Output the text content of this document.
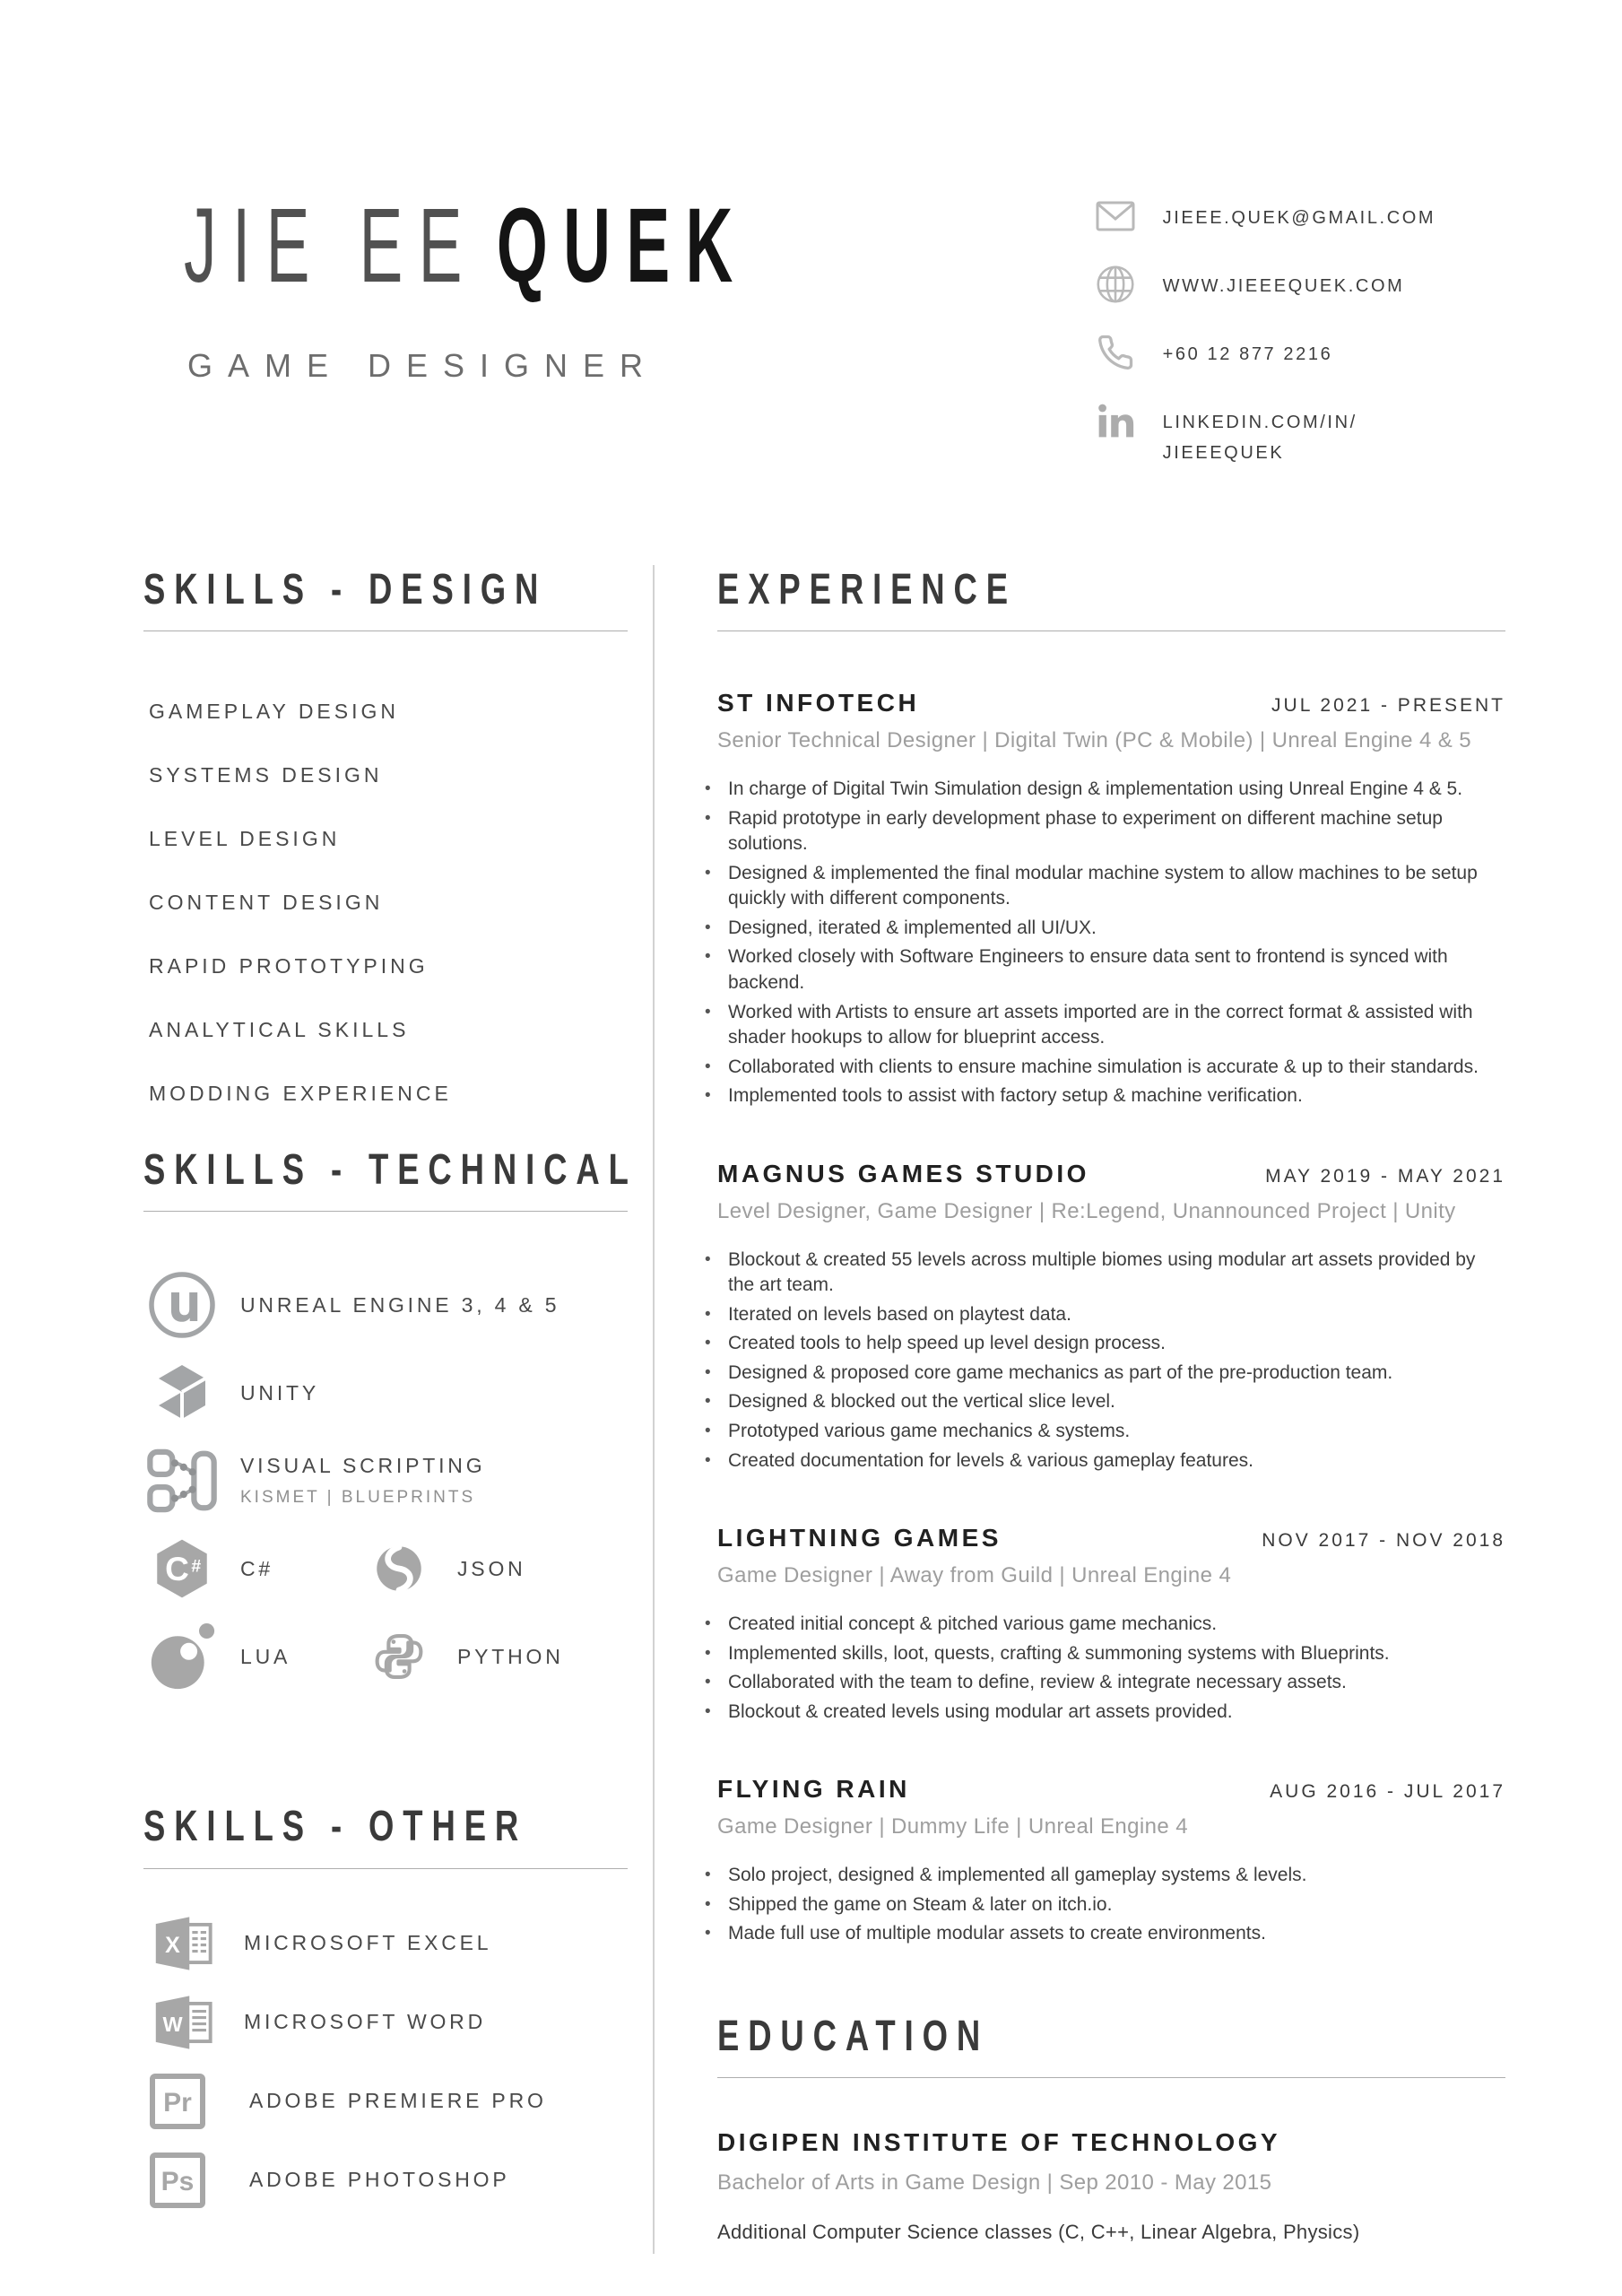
JIE EE QUEK
GAME DESIGNER
JIEEE.QUEK@GMAIL.COM
WWW.JIEEEQUEK.COM
+60 12 877 2216
LINKEDIN.COM/IN/
JIEEEQUEK
SKILLS - DESIGN
GAMEPLAY DESIGN
SYSTEMS DESIGN
LEVEL DESIGN
CONTENT DESIGN
RAPID PROTOTYPING
ANALYTICAL SKILLS
MODDING EXPERIENCE
SKILLS - TECHNICAL
UNREAL ENGINE 3, 4 & 5
UNITY
VISUAL SCRIPTING
KISMET | BLUEPRINTS
C # C#	JSON
LUA	PYTHON
SKILLS - OTHER
X	MICROSOFT EXCEL
W	MICROSOFT WORD
Pr	ADOBE PREMIERE PRO
Ps	ADOBE PHOTOSHOP
EXPERIENCE
ST INFOTECH	JUL 2021 - PRESENT
Senior Technical Designer | Digital Twin (PC & Mobile) | Unreal Engine 4 & 5
• In charge of Digital Twin Simulation design & implementation using Unreal Engine 4 & 5.
• Rapid prototype in early development phase to experiment on different machine setup solutions.
• Designed & implemented the final modular machine system to allow machines to be setup quickly with different components.
• Designed, iterated & implemented all UI/UX.
• Worked closely with Software Engineers to ensure data sent to frontend is synced with backend.
• Worked with Artists to ensure art assets imported are in the correct format & assisted with shader hookups to allow for blueprint access.
• Collaborated with clients to ensure machine simulation is accurate & up to their standards.
• Implemented tools to assist with factory setup & machine verification.
MAGNUS GAMES STUDIO	MAY 2019 - MAY 2021
Level Designer, Game Designer | Re:Legend, Unannounced Project | Unity
• Blockout & created 55 levels across multiple biomes using modular art assets provided by the art team.
• Iterated on levels based on playtest data.
• Created tools to help speed up level design process.
• Designed & proposed core game mechanics as part of the pre-production team.
• Designed & blocked out the vertical slice level.
• Prototyped various game mechanics & systems.
• Created documentation for levels & various gameplay features.
LIGHTNING GAMES	NOV 2017 - NOV 2018
Game Designer | Away from Guild | Unreal Engine 4
• Created initial concept & pitched various game mechanics.
• Implemented skills, loot, quests, crafting & summoning systems with Blueprints.
• Collaborated with the team to define, review & integrate necessary assets.
• Blockout & created levels using modular art assets provided.
FLYING RAIN	AUG 2016 - JUL 2017
Game Designer | Dummy Life | Unreal Engine 4
• Solo project, designed & implemented all gameplay systems & levels.
• Shipped the game on Steam & later on itch.io.
• Made full use of multiple modular assets to create environments.
EDUCATION
DIGIPEN INSTITUTE OF TECHNOLOGY
Bachelor of Arts in Game Design | Sep 2010 - May 2015
Additional Computer Science classes (C, C++, Linear Algebra, Physics)
